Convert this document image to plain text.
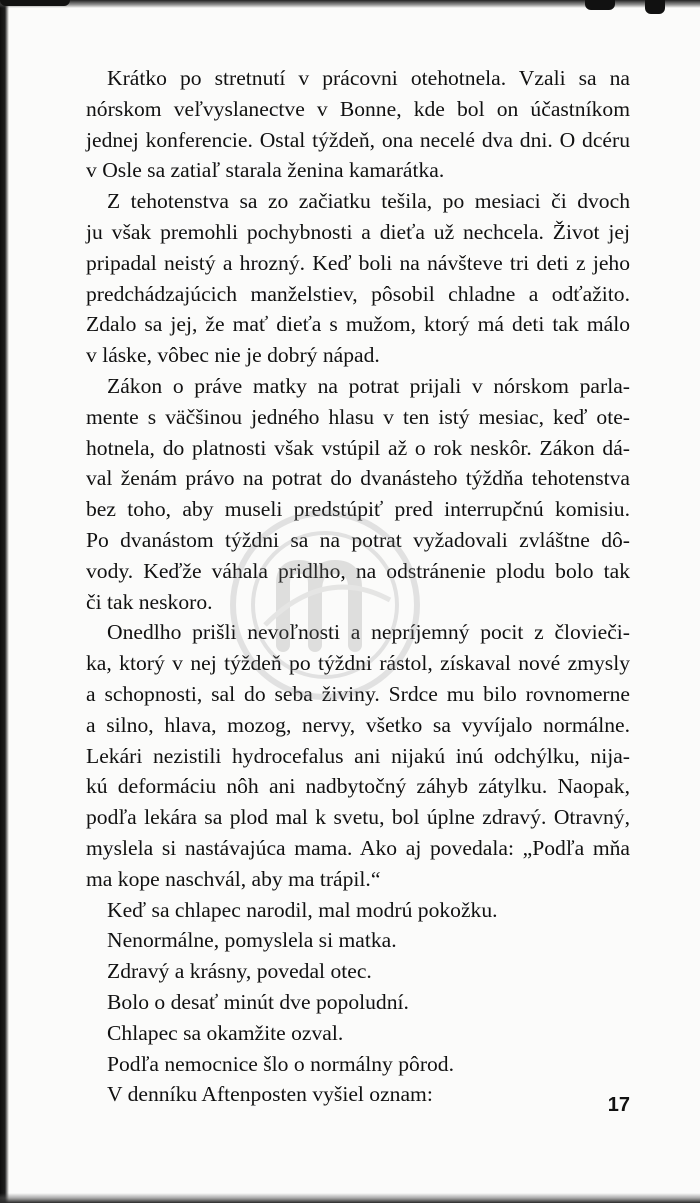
Krátko po stretnutí v prácovni otehotnela. Vzali sa na
nórskom veľvyslanectve v Bonne, kde bol on účastníkom
jednej konferencie. Ostal týždeň, ona necelé dva dni. O dcéru
v Osle sa zatiaľ starala ženina kamarátka.

Z tehotenstva sa zo začiatku tešila, po mesiaci či dvoch
ju však premohli pochybnosti a dieťa už nechcela. Život jej
pripadal neistý a hrozný. Keď boli na návšteve tri deti z jeho
predchádzajúcich manželstiev, pôsobil chladne a odťažito.
Zdalo sa jej, že mať dieťa s mužom, ktorý má deti tak málo
v láske, vôbec nie je dobrý nápad.

Zákon o práve matky na potrat prijali v nórskom parla-
mente s väčšinou jedného hlasu v ten istý mesiac, keď ote-
hotnela, do platnosti však vstúpil až o rok neskôr. Zákon dá-
val ženám právo na potrat do dvanásteho týždňa tehotenstva
bez toho, aby museli predstúpiť pred interrupčnú komisiu.
Po dvanástom týždni sa na potrat vyžadovali zvláštne dô-
vody. Keďže váhala pridlho, na odstránenie plodu bolo tak
či tak neskoro.

Onedlho prišli nevoľnosti a nepríjemný pocit z človieči-
ka, ktorý v nej týždeň po týždni rástol, získaval nové zmysly
a schopnosti, sal do seba živiny. Srdce mu bilo rovnomerne
a silno, hlava, mozog, nervy, všetko sa vyvíjalo normálne.
Lekári nezistili hydrocefalus ani nijakú inú odchýlku, nija-
kú deformáciu nôh ani nadbytočný záhyb zátylku. Naopak,
podľa lekára sa plod mal k svetu, bol úplne zdravý. Otravný,
myslela si nastávajúca mama. Ako aj povedala: „Podľa mňa
ma kope naschvál, aby ma trápil.“

Keď sa chlapec narodil, mal modrú pokožku.

Nenormálne, pomyslela si matka.

Zdravý a krásny, povedal otec.

Bolo o desať minút dve popoludní.

Chlapec sa okamžite ozval.

Podľa nemocnice šlo o normálny pôrod.

V denníku Aftenposten vyšiel oznam:	17
